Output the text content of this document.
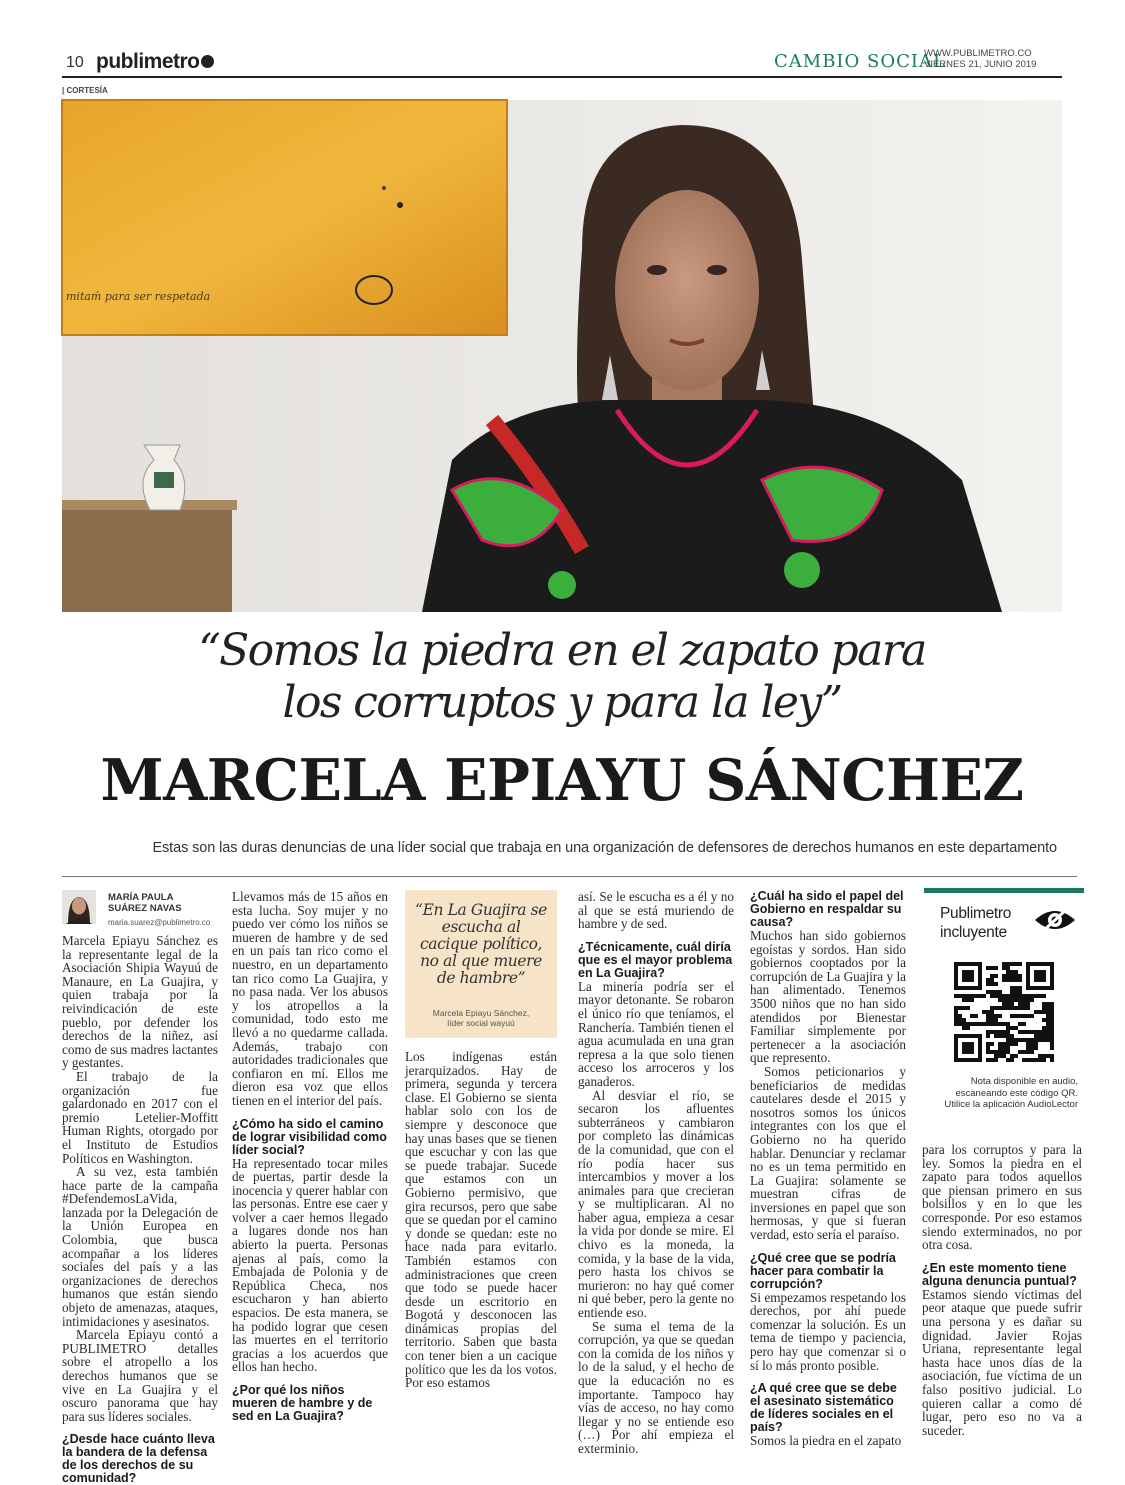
10 publimetro	CAMBIO SOCIAL
WWW.PUBLIMETRO.CO
VIERNES 21, JUNIO 2019
| CORTESÍA
mitaḿ para ser respetada
“Somos la piedra en el zapato para
los corruptos y para la ley”
MARCELA EPIAYU SÁNCHEZ
Estas son las duras denuncias de una líder social que trabaja en una organización de defensores de derechos humanos en este departamento
MARÍA PAULA
SUÁREZ NAVAS
maria.suarez@publimetro.co

Marcela Epiayu Sánchez es la representante legal de la Asociación Shipia Wayuú de Manaure, en La Guajira, y quien trabaja por la reivindicación de este pueblo, por defender los derechos de la niñez, así como de sus madres lactantes y gestantes.

El trabajo de la organización fue galardonado en 2017 con el premio Letelier-Moffitt Human Rights, otorgado por el Instituto de Estudios Políticos en Washington.

A su vez, esta también hace parte de la campaña #DefendemosLaVida, lanzada por la Delegación de la Unión Europea en Colombia, que busca acompañar a los líderes sociales del país y a las organizaciones de derechos humanos que están siendo objeto de amenazas, ataques, intimidaciones y asesinatos.

Marcela Epiayu contó a PUBLIMETRO detalles sobre el atropello a los derechos humanos que se vive en La Guajira y el oscuro panorama que hay para sus líderes sociales.

¿Desde hace cuánto lleva la bandera de la defensa de los derechos de su comunidad?

Llevamos más de 15 años en esta lucha. Soy mujer y no puedo ver cómo los niños se mueren de hambre y de sed en un país tan rico como el nuestro, en un departamento tan rico como La Guajira, y no pasa nada. Ver los abusos y los atropellos a la comunidad, todo esto me llevó a no quedarme callada. Además, trabajo con autoridades tradicionales que confiaron en mí. Ellos me dieron esa voz que ellos tienen en el interior del país.

¿Cómo ha sido el camino de lograr visibilidad como líder social?

Ha representado tocar miles de puertas, partir desde la inocencia y querer hablar con las personas. Entre ese caer y volver a caer hemos llegado a lugares donde nos han abierto la puerta. Personas ajenas al país, como la Embajada de Polonia y de República Checa, nos escucharon y han abierto espacios. De esta manera, se ha podido lograr que cesen las muertes en el territorio gracias a los acuerdos que ellos han hecho.

¿Por qué los niños mueren de hambre y de sed en La Guajira?
“En La Guajira se escucha al cacique político, no al que muere de hambre”
Marcela Epiayu Sánchez,
líder social wayuú

Los indígenas están jerarquizados. Hay de primera, segunda y tercera clase. El Gobierno se sienta hablar solo con los de siempre y desconoce que hay unas bases que se tienen que escuchar y con las que se puede trabajar. Sucede que estamos con un Gobierno permisivo, que gira recursos, pero que sabe que se quedan por el camino y donde se quedan: este no hace nada para evitarlo. También estamos con administraciones que creen que todo se puede hacer desde un escritorio en Bogotá y desconocen las dinámicas propias del territorio. Saben que basta con tener bien a un cacique político que les da los votos. Por eso estamos

así. Se le escucha es a él y no al que se está muriendo de hambre y de sed.

¿Técnicamente, cuál diría que es el mayor problema en La Guajira?

La minería podría ser el mayor detonante. Se robaron el único río que teníamos, el Ranchería. También tienen el agua acumulada en una gran represa a la que solo tienen acceso los arroceros y los ganaderos.

Al desviar el río, se secaron los afluentes subterráneos y cambiaron por completo las dinámicas de la comunidad, que con el río podía hacer sus intercambios y mover a los animales para que crecieran y se multiplicaran. Al no haber agua, empieza a cesar la vida por donde se mire. El chivo es la moneda, la comida, y la base de la vida, pero hasta los chivos se murieron: no hay qué comer ni qué beber, pero la gente no entiende eso.

Se suma el tema de la corrupción, ya que se quedan con la comida de los niños y lo de la salud, y el hecho de que la educación no es importante. Tampoco hay vías de acceso, no hay como llegar y no se entiende eso (…) Por ahí empieza el exterminio.

¿Cuál ha sido el papel del Gobierno en respaldar su causa?

Muchos han sido gobiernos egoístas y sordos. Han sido gobiernos cooptados por la corrupción de La Guajira y la han alimentado. Tenemos 3500 niños que no han sido atendidos por Bienestar Familiar simplemente por pertenecer a la asociación que represento.

Somos peticionarios y beneficiarios de medidas cautelares desde el 2015 y nosotros somos los únicos integrantes con los que el Gobierno no ha querido hablar. Denunciar y reclamar no es un tema permitido en La Guajira: solamente se muestran cifras de inversiones en papel que son hermosas, y que si fueran verdad, esto sería el paraíso.

¿Qué cree que se podría hacer para combatir la corrupción?

Si empezamos respetando los derechos, por ahí puede comenzar la solución. Es un tema de tiempo y paciencia, pero hay que comenzar si o sí lo más pronto posible.

¿A qué cree que se debe el asesinato sistemático de líderes sociales en el país?

Somos la piedra en el zapato

Publimetro
incluyente
Nota disponible en audio, escaneando este código QR. Utilice la aplicación AudioLector

para los corruptos y para la ley. Somos la piedra en el zapato para todos aquellos que piensan primero en sus bolsillos y en lo que les corresponde. Por eso estamos siendo exterminados, no por otra cosa.

¿En este momento tiene alguna denuncia puntual?

Estamos siendo víctimas del peor ataque que puede sufrir una persona y es dañar su dignidad. Javier Rojas Uriana, representante legal hasta hace unos días de la asociación, fue víctima de un falso positivo judicial. Lo quieren callar a como dé lugar, pero eso no va a suceder.
